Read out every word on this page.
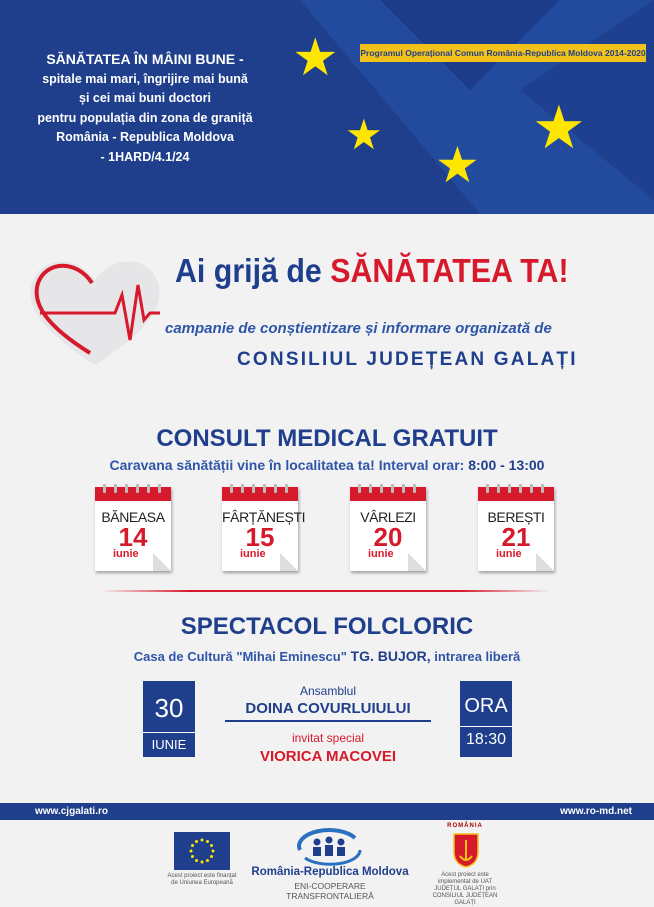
SĂNĂTATEA ÎN MÂINI BUNE -
spitale mai mari, îngrijire mai bună
și cei mai buni doctori
pentru populația din zona de graniță
România - Republica Moldova
- 1HARD/4.1/24
★
★
★
★
Programul Operațional Comun România-Republica Moldova 2014-2020
Ai grijă de SĂNĂTATEA TA!
campanie de conștientizare și informare organizată de
CONSILIUL JUDEȚEAN GALAȚI
CONSULT MEDICAL GRATUIT
Caravana sănătății vine în localitatea ta! Interval orar: 8:00 - 13:00
BĂNEASA
14
iunie
FÂRȚĂNEȘTI
15
iunie
VÂRLEZI
20
iunie
BEREȘTI
21
iunie
SPECTACOL FOLCLORIC
Casa de Cultură "Mihai Eminescu" TG. BUJOR, intrarea liberă
30
IUNIE
ORA
18:30
Ansamblul
DOINA COVURLUIULUI
invitat special
VIORICA MACOVEI
www.cjgalati.ro	www.ro-md.net
Acest proiect este finanțat de Uniunea Europeană
România-Republica Moldova
ENI-COOPERARE TRANSFRONTALIERĂ
ROMÂNIA
Acest proiect este implementat de UAT JUDEȚUL GALAȚI prin CONSILIUL JUDEȚEAN GALAȚI
